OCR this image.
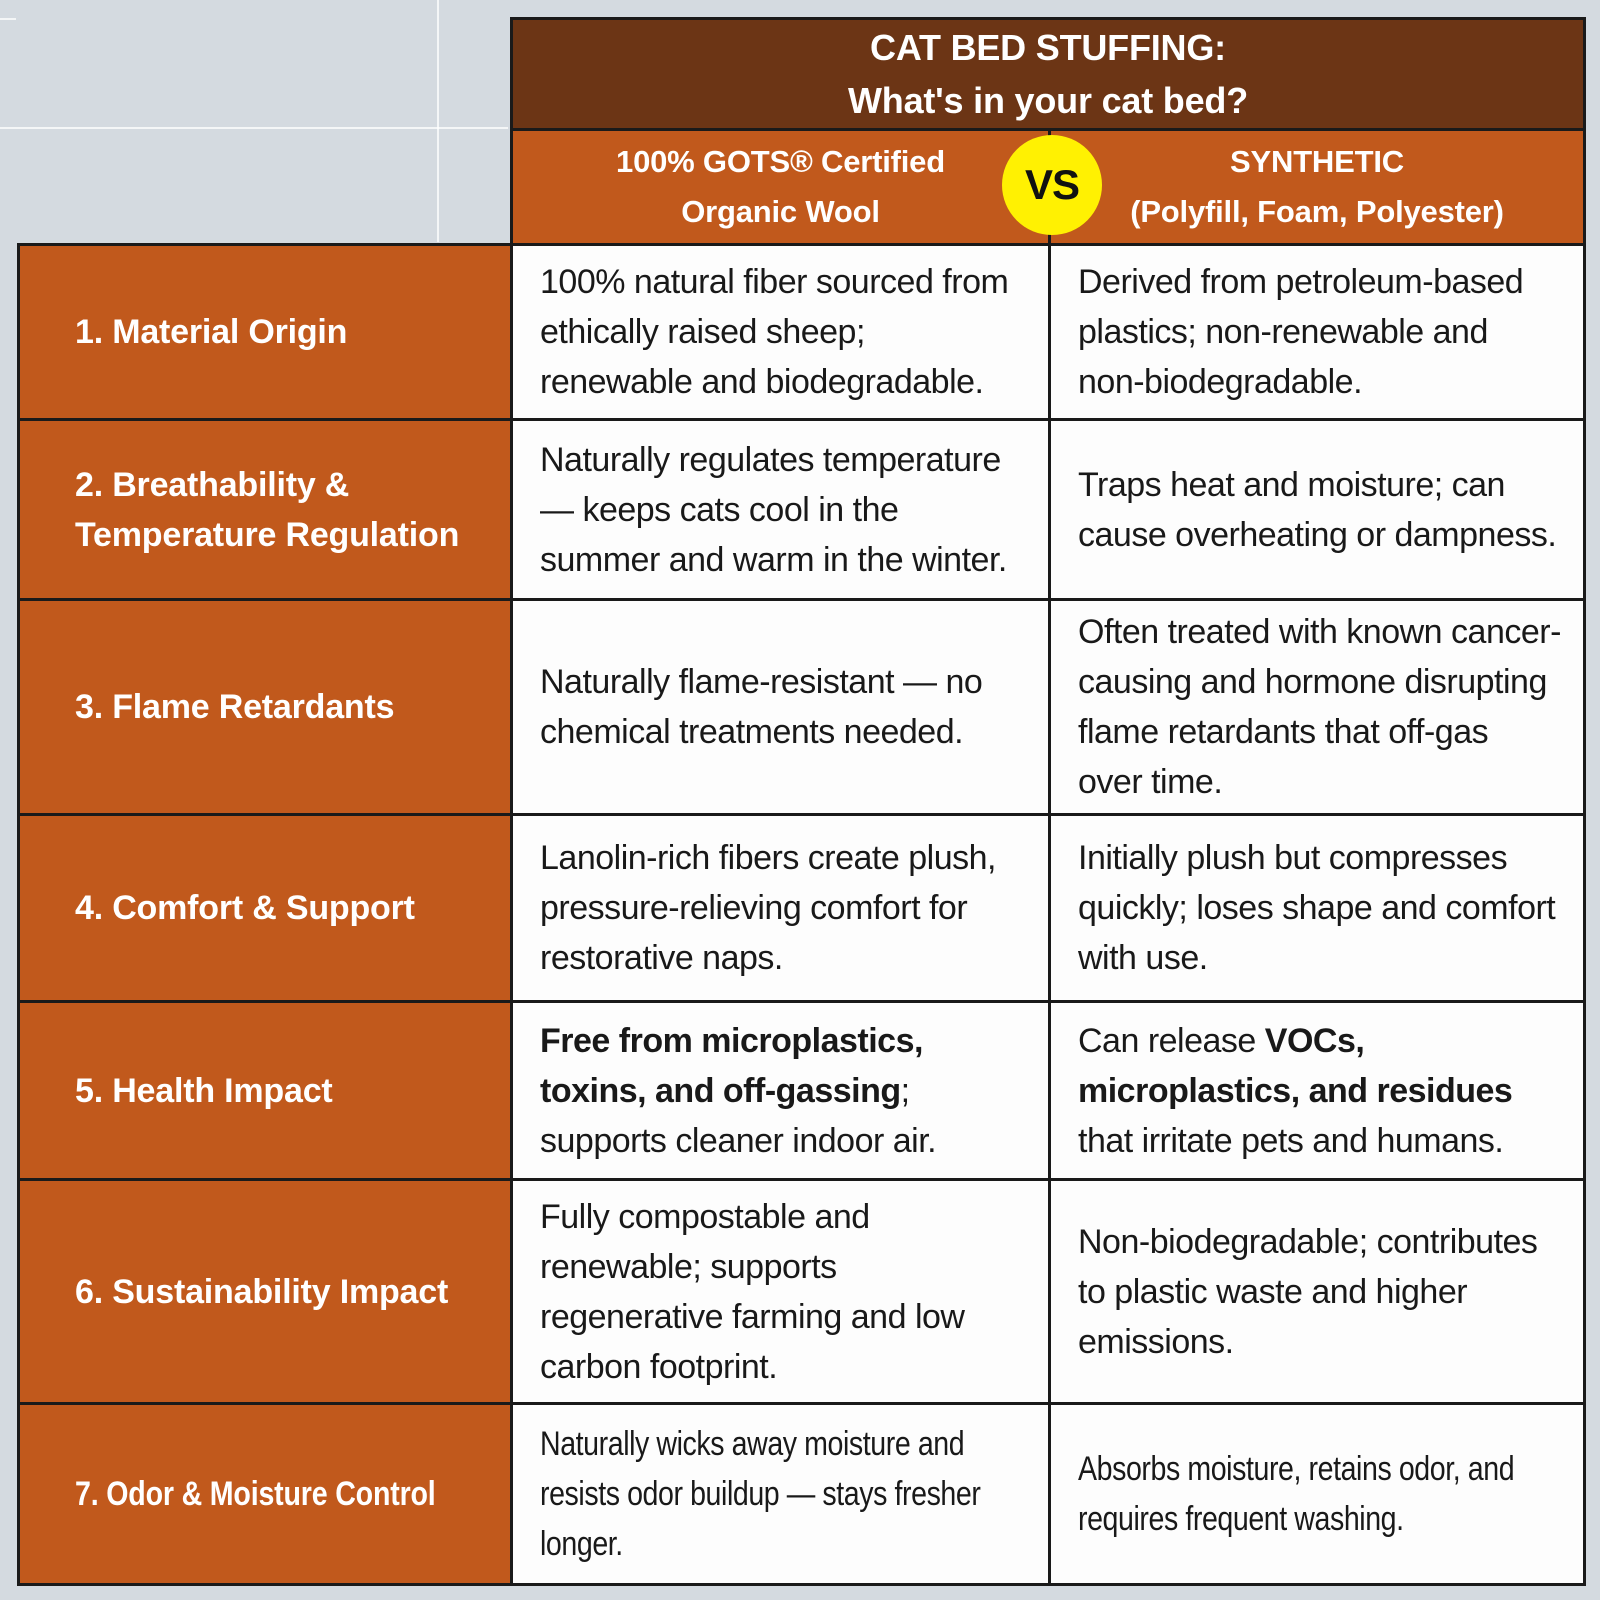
	CAT BED STUFFING:
What's in your cat bed?	

100% GOTS® Certified
Organic Wool

SYNTHETIC
(Polyfill, Foam, Polyester)

1. Material Origin	100% natural fiber sourced from ethically raised sheep; renewable and biodegradable.	Derived from petroleum-based plastics; non-renewable and non-biodegradable.

2. Breathability & Temperature Regulation	Naturally regulates temperature — keeps cats cool in the summer and warm in the winter.	Traps heat and moisture; can cause overheating or dampness.

3. Flame Retardants	Naturally flame-resistant — no chemical treatments needed.	Often treated with known cancer-causing and hormone disrupting flame retardants that off-gas over time.

4. Comfort & Support	Lanolin-rich fibers create plush, pressure-relieving comfort for restorative naps.	Initially plush but compresses quickly; loses shape and comfort with use.

5. Health Impact	Free from microplastics, toxins, and off-gassing; supports cleaner indoor air.	Can release VOCs, microplastics, and residues that irritate pets and humans.

6. Sustainability Impact	Fully compostable and renewable; supports regenerative farming and low carbon footprint.	Non-biodegradable; contributes to plastic waste and higher emissions.

7. Odor & Moisture Control	Naturally wicks away moisture and resists odor buildup — stays fresher longer.	Absorbs moisture, retains odor, and requires frequent washing.
VS
